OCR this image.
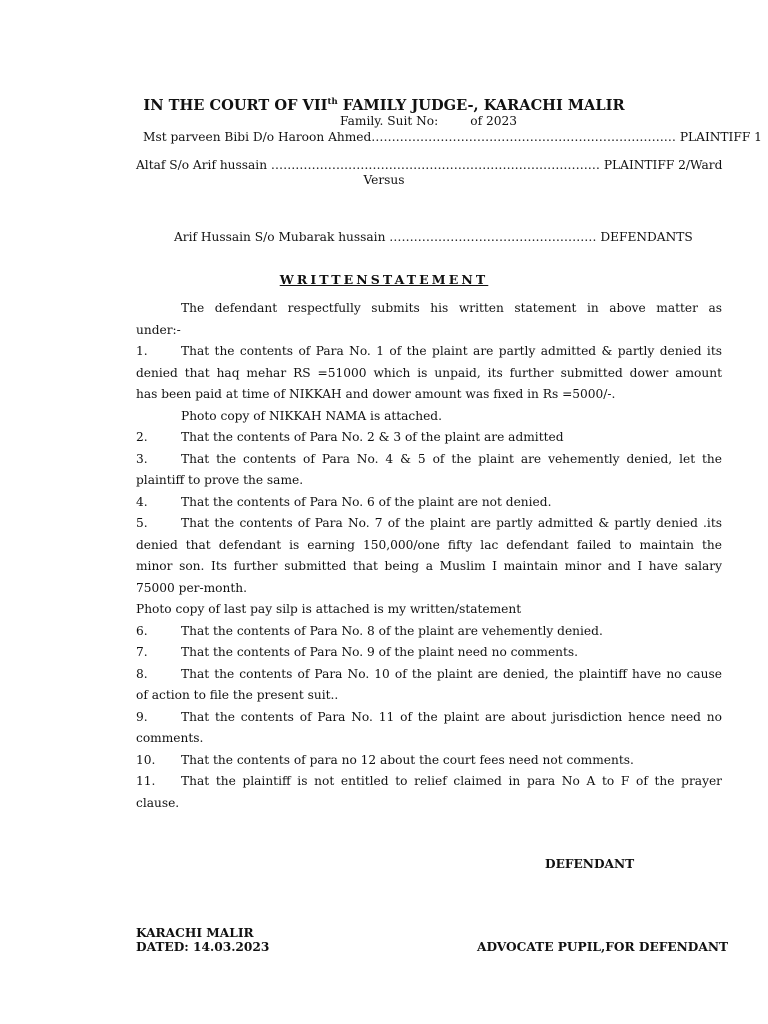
IN THE COURT OF VIIth FAMILY JUDGE-, KARACHI MALIR
Family. Suit No:	of 2023
Mst parveen Bibi D/o Haroon Ahmed………………………………………………………………… PLAINTIFF 1
Altaf S/o Arif hussain ……………………………………………………………………… PLAINTIFF 2/Ward
Versus
Arif Hussain S/o Mubarak hussain …………………………………………… DEFENDANTS
WRITTENSTATEMENT
The defendant respectfully submits his written statement in above matter as
under:-
1.	That the contents of Para No. 1 of the plaint are partly admitted & partly denied its
denied that haq mehar RS =51000 which is unpaid, its further submitted dower amount
has been paid at time of NIKKAH and dower amount was fixed in Rs =5000/-.
Photo copy of NIKKAH NAMA is attached.
2.	That the contents of Para No. 2 & 3 of the plaint are admitted
3.	That the contents of Para No. 4 & 5 of the plaint are vehemently denied, let the
plaintiff to prove the same.
4.	That the contents of Para No. 6 of the plaint are not denied.
5.	That the contents of Para No. 7 of the plaint are partly admitted & partly denied .its
denied that defendant is earning 150,000/one fifty lac defendant failed to maintain the
minor son. Its further submitted that being a Muslim I maintain minor and I have salary
75000 per-month.
Photo copy of last pay silp is attached is my written/statement
6.	That the contents of Para No. 8 of the plaint are vehemently denied.
7.	That the contents of Para No. 9 of the plaint need no comments.
8.	That the contents of Para No. 10 of the plaint are denied, the plaintiff have no cause
of action to file the present suit..
9.	That the contents of Para No. 11 of the plaint are about jurisdiction hence need no
comments.
10. That the contents of para no 12 about the court fees need not comments.
11. That the plaintiff is not entitled to relief claimed in para No A to F of the prayer
clause.
DEFENDANT
KARACHI MALIR
DATED: 14.03.2023	ADVOCATE PUPIL,FOR DEFENDANT
